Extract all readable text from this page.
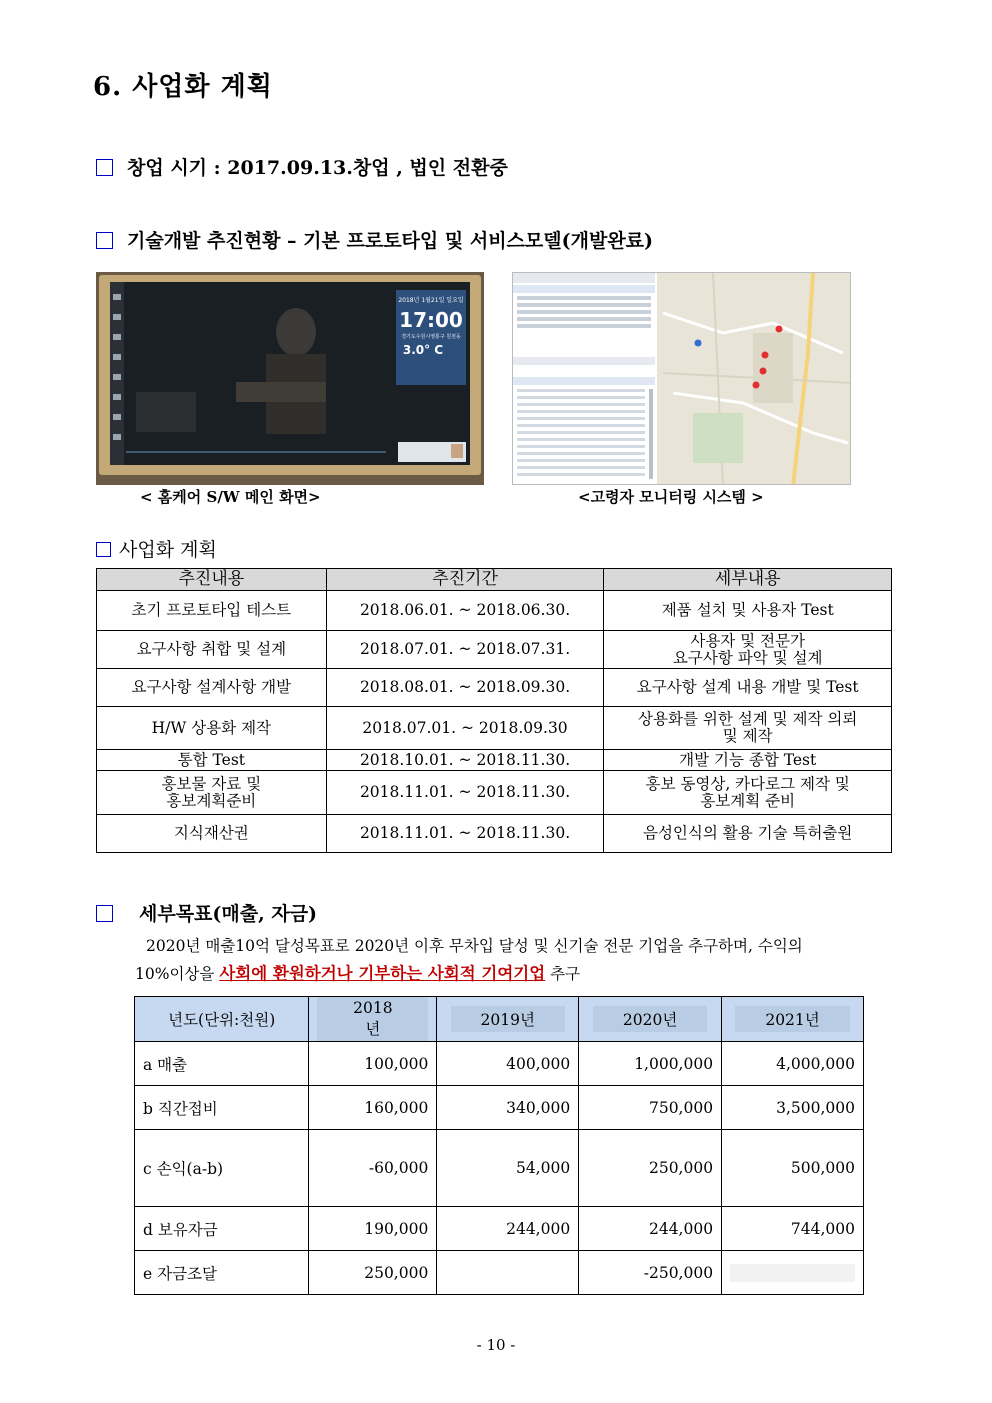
6. 사업화 계획
창업 시기 : 2017.09.13.창업 , 법인 전환중
기술개발 추진현황 – 기본 프로토타입 및 서비스모델(개발완료)
2018년 1월21일 일요일
17:00
경기도수원시영통구 원천동
3.0° C
< 홈케어 S/W 메인 화면>	<고령자 모니터링 시스템 >
사업화 계획
추진내용	추진기간	세부내용
초기 프로토타입 테스트	2018.06.01. ~ 2018.06.30.	제품 설치 및 사용자 Test
요구사항 취합 및 설계	2018.07.01. ~ 2018.07.31.	사용자 및 전문가
요구사항 파악 및 설계
요구사항 설계사항 개발	2018.08.01. ~ 2018.09.30.	요구사항 설계 내용 개발 및 Test
H/W 상용화 제작	2018.07.01. ~ 2018.09.30	상용화를 위한 설계 및 제작 의뢰
및 제작
통합 Test	2018.10.01. ~ 2018.11.30.	개발 기능 종합 Test
홍보물 자료 및
홍보계획준비	2018.11.01. ~ 2018.11.30.	홍보 동영상, 카다로그 제작 및
홍보계획 준비
지식재산권	2018.11.01. ~ 2018.11.30.	음성인식의 활용 기술 특허출원
세부목표(매출, 자금)
2020년 매출10억 달성목표로 2020년 이후 무차입 달성 및 신기술 전문 기업을 추구하며, 수익의
10%이상을 사회에 환원하거나 기부하는 사회적 기여기업 추구
년도(단위:천원)	2018년	2019년	2020년	2021년
a 매출	100,000	400,000	1,000,000	4,000,000
b 직간접비	160,000	340,000	750,000	3,500,000
c 손익(a-b)	-60,000	54,000	250,000	500,000
d 보유자금	190,000	244,000	244,000	744,000
e 자금조달	250,000		-250,000	
- 10 -
